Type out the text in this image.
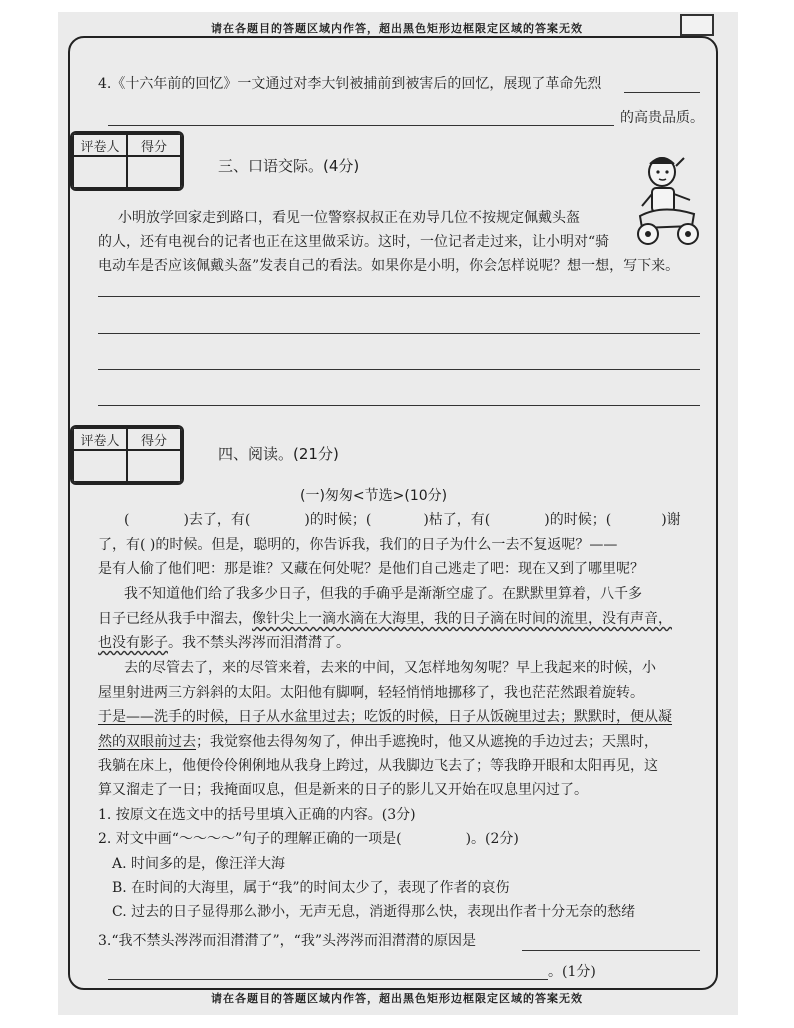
请在各题目的答题区域内作答，超出黑色矩形边框限定区域的答案无效
4.《十六年前的回忆》一文通过对李大钊被捕前到被害后的回忆，展现了革命先烈
的高贵品质。
评卷人	得分

三、口语交际。(4分)
小明放学回家走到路口，看见一位警察叔叔正在劝导几位不按规定佩戴头盔
的人，还有电视台的记者也正在这里做采访。这时，一位记者走过来，让小明对“骑
电动车是否应该佩戴头盔”发表自己的看法。如果你是小明，你会怎样说呢？想一想，写下来。
评卷人	得分

四、阅读。(21分)
(一)匆匆<节选>(10分)
(	)去了，有(	)的时候；(	)枯了，有(	)的时候；(	)谢
了，有( )的时候。但是，聪明的，你告诉我，我们的日子为什么一去不复返呢？——
是有人偷了他们吧：那是谁？又藏在何处呢？是他们自己逃走了吧：现在又到了哪里呢？
我不知道他们给了我多少日子，但我的手确乎是渐渐空虚了。在默默里算着，八千多
日子已经从我手中溜去，像针尖上一滴水滴在大海里，我的日子滴在时间的流里，没有声音，
也没有影子。我不禁头涔涔而泪潸潸了。
去的尽管去了，来的尽管来着，去来的中间，又怎样地匆匆呢？早上我起来的时候，小
屋里射进两三方斜斜的太阳。太阳他有脚啊，轻轻悄悄地挪移了，我也茫茫然跟着旋转。
于是——洗手的时候，日子从水盆里过去；吃饭的时候，日子从饭碗里过去；默默时，便从凝
然的双眼前过去；我觉察他去得匆匆了，伸出手遮挽时，他又从遮挽的手边过去；天黑时，
我躺在床上，他便伶伶俐俐地从我身上跨过，从我脚边飞去了；等我睁开眼和太阳再见，这
算又溜走了一日；我掩面叹息，但是新来的日子的影儿又开始在叹息里闪过了。
1. 按原文在选文中的括号里填入正确的内容。(3分)
2. 对文中画“～～～～”句子的理解正确的一项是(	)。(2分)
A. 时间多的是，像汪洋大海
B. 在时间的大海里，属于“我”的时间太少了，表现了作者的哀伤
C. 过去的日子显得那么渺小，无声无息，消逝得那么快，表现出作者十分无奈的愁绪
3.“我不禁头涔涔而泪潸潸了”，“我”头涔涔而泪潸潸的原因是
。(1分)
请在各题目的答题区域内作答，超出黑色矩形边框限定区域的答案无效
